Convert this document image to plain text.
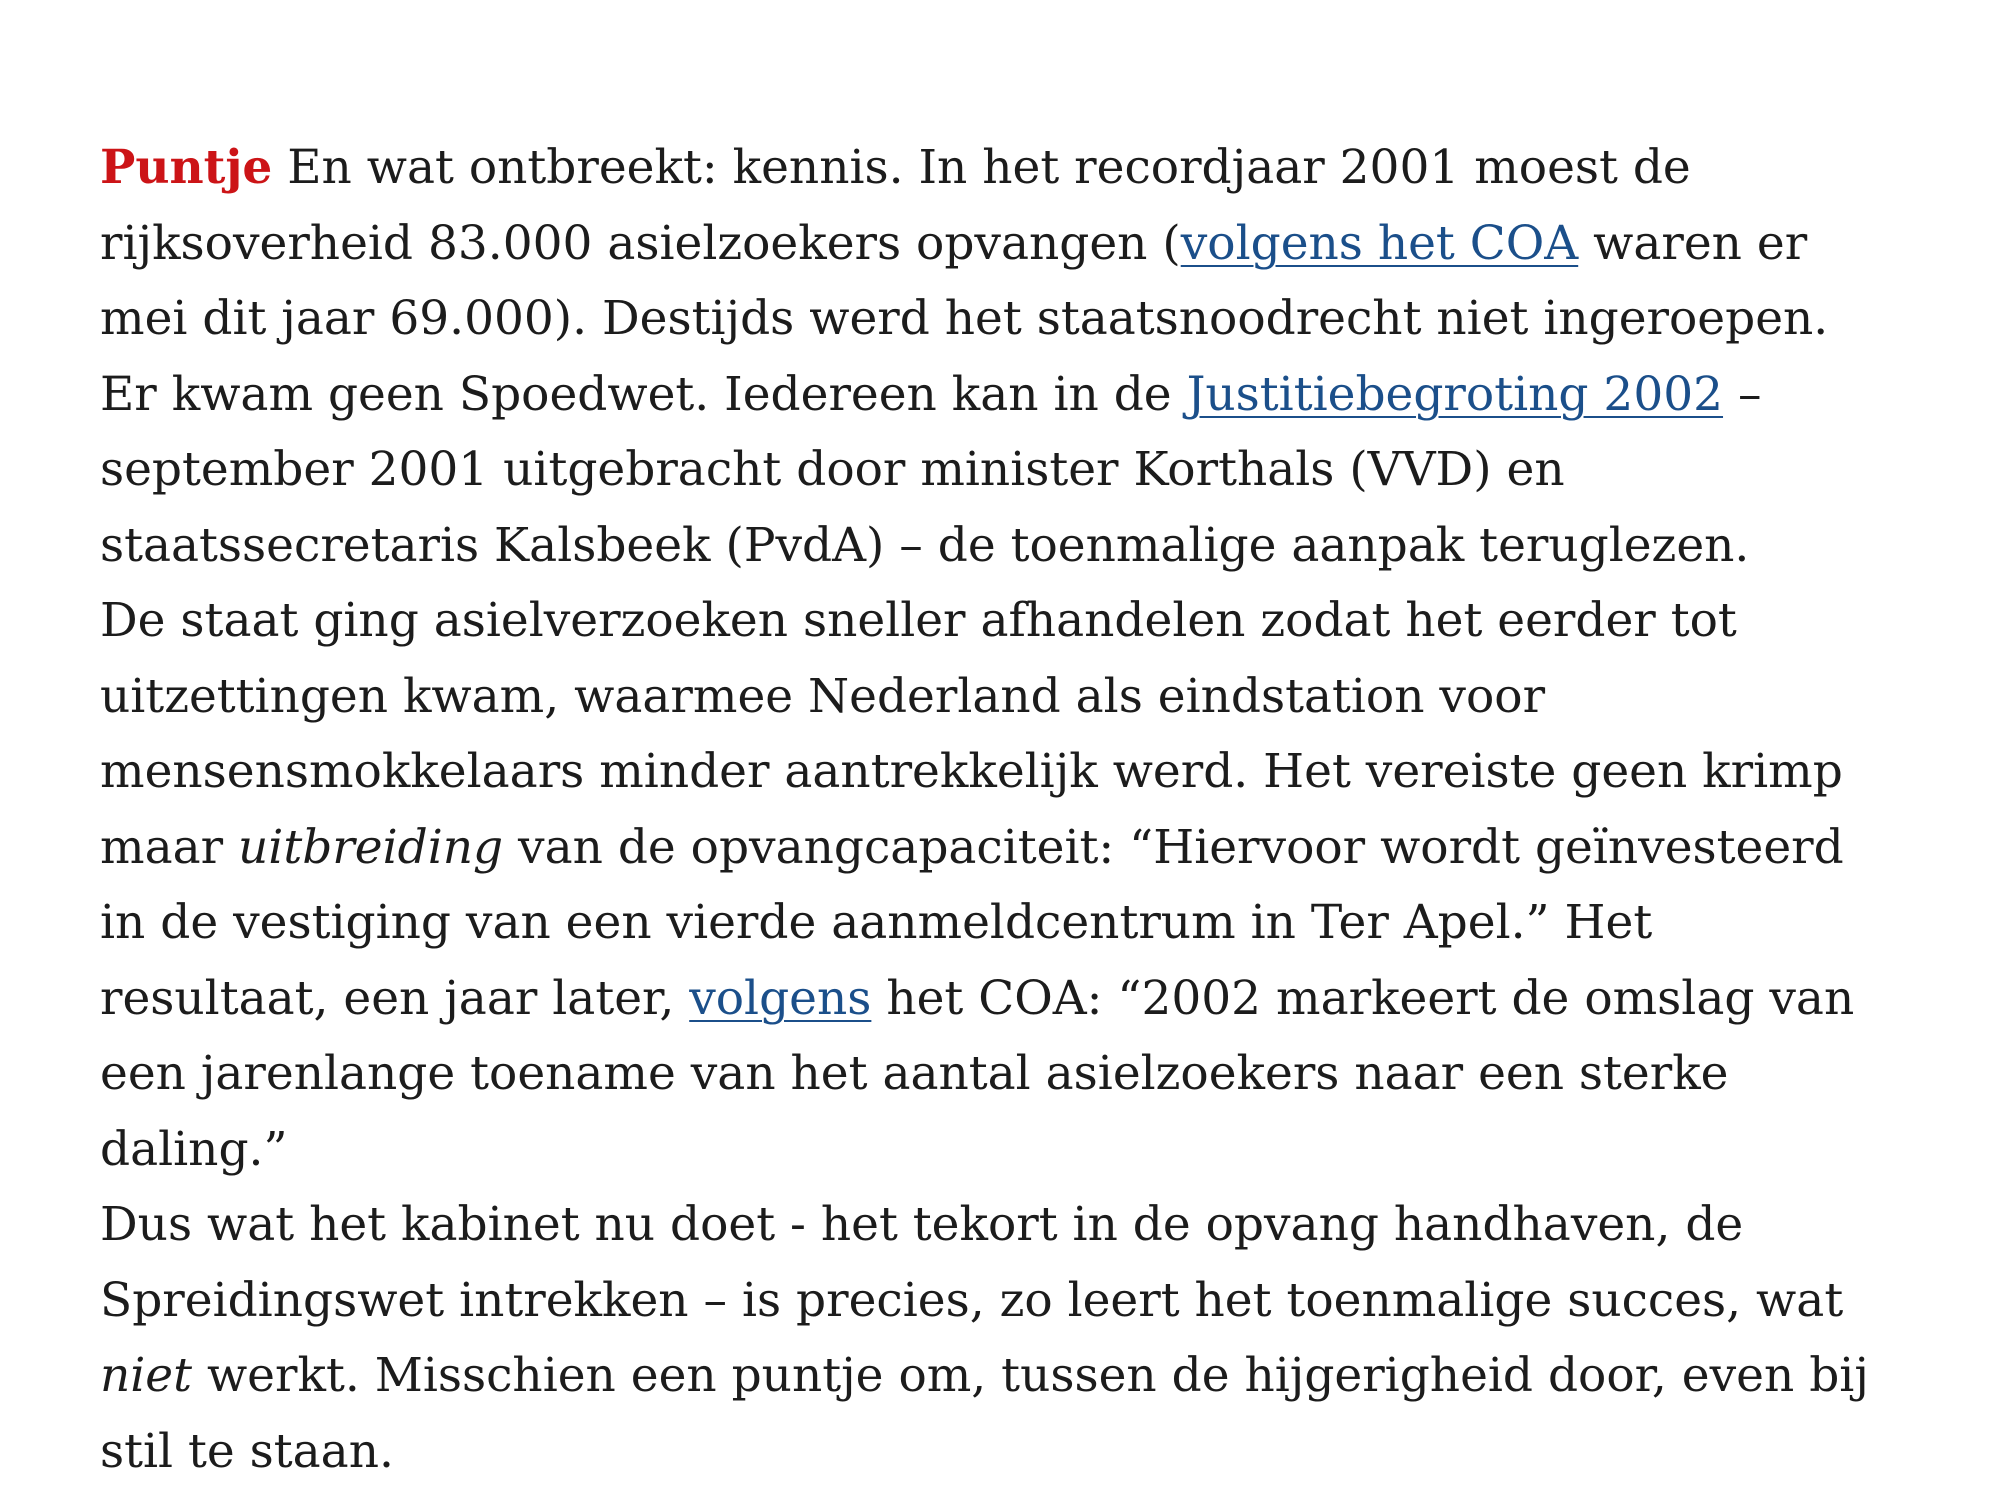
Puntje En wat ontbreekt: kennis. In het recordjaar 2001 moest de
rijksoverheid 83.000 asielzoekers opvangen (volgens het COA waren er
mei dit jaar 69.000). Destijds werd het staatsnoodrecht niet ingeroepen.
Er kwam geen Spoedwet. Iedereen kan in de Justitiebegroting 2002 –
september 2001 uitgebracht door minister Korthals (VVD) en
staatssecretaris Kalsbeek (PvdA) – de toenmalige aanpak teruglezen.
De staat ging asielverzoeken sneller afhandelen zodat het eerder tot
uitzettingen kwam, waarmee Nederland als eindstation voor
mensensmokkelaars minder aantrekkelijk werd. Het vereiste geen krimp
maar uitbreiding van de opvangcapaciteit: “Hiervoor wordt geïnvesteerd
in de vestiging van een vierde aanmeldcentrum in Ter Apel.” Het
resultaat, een jaar later, volgens het COA: “2002 markeert de omslag van
een jarenlange toename van het aantal asielzoekers naar een sterke
daling.”
Dus wat het kabinet nu doet - het tekort in de opvang handhaven, de
Spreidingswet intrekken – is precies, zo leert het toenmalige succes, wat
niet werkt. Misschien een puntje om, tussen de hijgerigheid door, even bij
stil te staan.
